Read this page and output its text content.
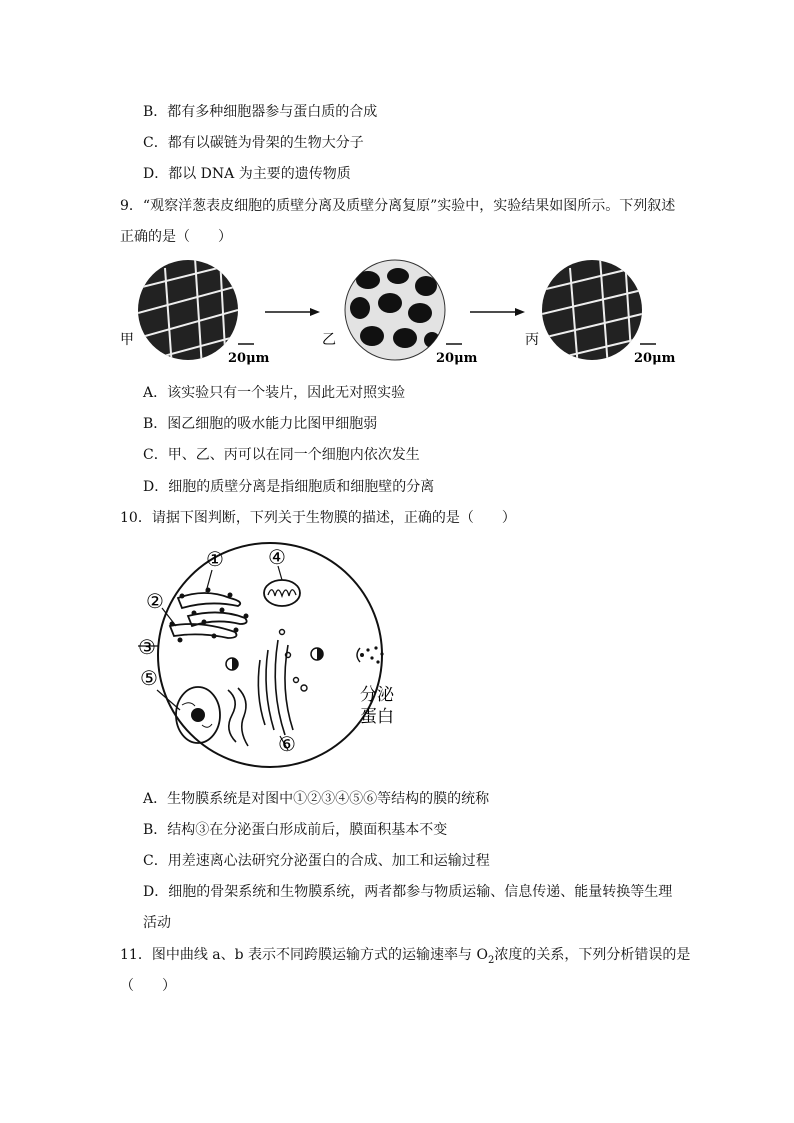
B．都有多种细胞器参与蛋白质的合成
C．都有以碳链为骨架的生物大分子
D．都以 DNA 为主要的遗传物质
9．“观察洋葱表皮细胞的质壁分离及质壁分离复原”实验中，实验结果如图所示。下列叙述
正确的是（　　）
甲
20μm
乙
20μm
丙
20μm
A．该实验只有一个装片，因此无对照实验
B．图乙细胞的吸水能力比图甲细胞弱
C．甲、乙、丙可以在同一个细胞内依次发生
D．细胞的质壁分离是指细胞质和细胞壁的分离
10．请据下图判断，下列关于生物膜的描述，正确的是（　　）
①
②
③
④
⑤
⑥
分泌
蛋白
A．生物膜系统是对图中①②③④⑤⑥等结构的膜的统称
B．结构③在分泌蛋白形成前后，膜面积基本不变
C．用差速离心法研究分泌蛋白的合成、加工和运输过程
D．细胞的骨架系统和生物膜系统，两者都参与物质运输、信息传递、能量转换等生理
活动
11．图中曲线 a、b 表示不同跨膜运输方式的运输速率与 $O_2$浓度的关系，下列分析错误的是
（　　）
